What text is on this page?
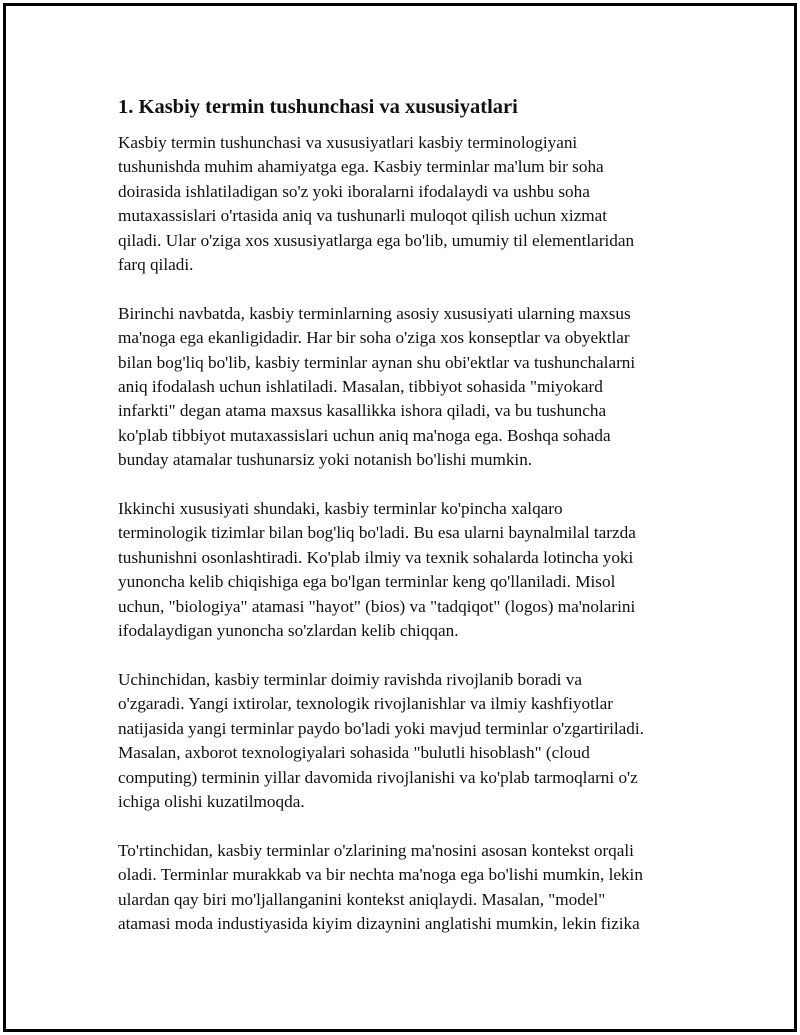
1. Kasbiy termin tushunchasi va xususiyatlari

Kasbiy termin tushunchasi va xususiyatlari kasbiy terminologiyani
tushunishda muhim ahamiyatga ega. Kasbiy terminlar ma'lum bir soha
doirasida ishlatiladigan so'z yoki iboralarni ifodalaydi va ushbu soha
mutaxassislari o'rtasida aniq va tushunarli muloqot qilish uchun xizmat
qiladi. Ular o'ziga xos xususiyatlarga ega bo'lib, umumiy til elementlaridan
farq qiladi.

Birinchi navbatda, kasbiy terminlarning asosiy xususiyati ularning maxsus
ma'noga ega ekanligidadir. Har bir soha o'ziga xos konseptlar va obyektlar
bilan bog'liq bo'lib, kasbiy terminlar aynan shu obi'ektlar va tushunchalarni
aniq ifodalash uchun ishlatiladi. Masalan, tibbiyot sohasida "miyokard
infarkti" degan atama maxsus kasallikka ishora qiladi, va bu tushuncha
ko'plab tibbiyot mutaxassislari uchun aniq ma'noga ega. Boshqa sohada
bunday atamalar tushunarsiz yoki notanish bo'lishi mumkin.

Ikkinchi xususiyati shundaki, kasbiy terminlar ko'pincha xalqaro
terminologik tizimlar bilan bog'liq bo'ladi. Bu esa ularni baynalmilal tarzda
tushunishni osonlashtiradi. Ko'plab ilmiy va texnik sohalarda lotincha yoki
yunoncha kelib chiqishiga ega bo'lgan terminlar keng qo'llaniladi. Misol
uchun, "biologiya" atamasi "hayot" (bios) va "tadqiqot" (logos) ma'nolarini
ifodalaydigan yunoncha so'zlardan kelib chiqqan.

Uchinchidan, kasbiy terminlar doimiy ravishda rivojlanib boradi va
o'zgaradi. Yangi ixtirolar, texnologik rivojlanishlar va ilmiy kashfiyotlar
natijasida yangi terminlar paydo bo'ladi yoki mavjud terminlar o'zgartiriladi.
Masalan, axborot texnologiyalari sohasida "bulutli hisoblash" (cloud
computing) terminin yillar davomida rivojlanishi va ko'plab tarmoqlarni o'z
ichiga olishi kuzatilmoqda.

To'rtinchidan, kasbiy terminlar o'zlarining ma'nosini asosan kontekst orqali
oladi. Terminlar murakkab va bir nechta ma'noga ega bo'lishi mumkin, lekin
ulardan qay biri mo'ljallanganini kontekst aniqlaydi. Masalan, "model"
atamasi moda industiyasida kiyim dizaynini anglatishi mumkin, lekin fizika
